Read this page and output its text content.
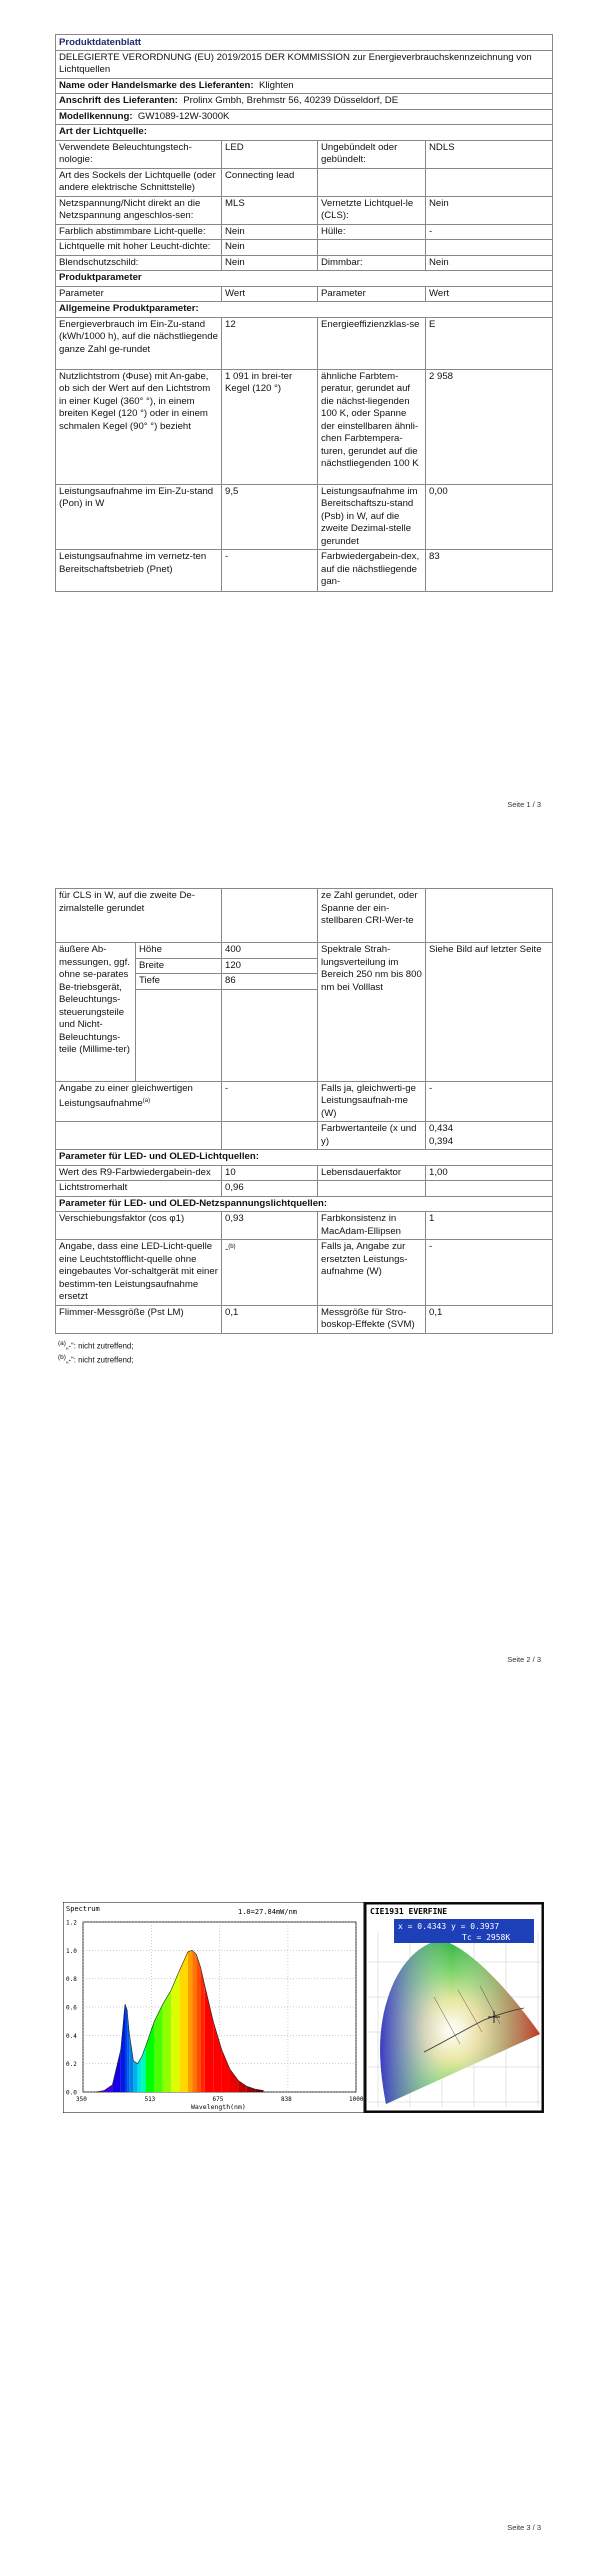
Produktdatenblatt			
DELEGIERTE VERORDNUNG (EU) 2019/2015 DER KOMMISSION zur Energieverbrauchskennzeichnung von Lichtquellen			
Name oder Handelsmarke des Lieferanten: Klighten			
Anschrift des Lieferanten: Prolinx Gmbh, Brehmstr 56, 40239 Düsseldorf, DE			
Modellkennung: GW1089-12W-3000K			
Art der Lichtquelle:			
Verwendete Beleuchtungstech-nologie:	LED	Ungebündelt oder gebündelt:	NDLS
Art des Sockels der Lichtquelle (oder andere elektrische Schnittstelle)	Connecting lead		
Netzspannung/Nicht direkt an die Netzspannung angeschlos-sen:	MLS	Vernetzte Lichtquel-le (CLS):	Nein
Farblich abstimmbare Licht-quelle:	Nein	Hülle:	-
Lichtquelle mit hoher Leucht-dichte:	Nein		
Blendschutzschild:	Nein	Dimmbar:	Nein
Produktparameter			
Parameter	Wert	Parameter	Wert
Allgemeine Produktparameter:			
Energieverbrauch im Ein-Zu-stand (kWh/1000 h), auf die nächstliegende ganze Zahl ge-rundet	12	Energieeffizienzklas-se	E
Nutzlichtstrom (Φuse) mit An-gabe, ob sich der Wert auf den Lichtstrom in einer Kugel (360° °), in einem breiten Kegel (120 °) oder in einem schmalen Kegel (90° °) bezieht	1 091 in brei-ter Kegel (120 °)	ähnliche Farbtem-peratur, gerundet auf die nächst-liegenden 100 K, oder Spanne der einstellbaren ähnli-chen Farbtempera-turen, gerundet auf die nächstliegenden 100 K	2 958
Leistungsaufnahme im Ein-Zu-stand (Pon) in W	9,5	Leistungsaufnahme im Bereitschaftszu-stand (Psb) in W, auf die zweite Dezimal-stelle gerundet	0,00
Leistungsaufnahme im vernetz-ten Bereitschaftsbetrieb (Pnet)	-	Farbwiedergabein-dex, auf die nächstliegende gan-	83
Seite 1 / 3
für CLS in W, auf die zweite De-zimalstelle gerundet			ze Zahl gerundet, oder Spanne der ein-stellbaren CRI-Wer-te	
äußere Ab-messungen, ggf. ohne se-parates Be-triebsgerät, Beleuchtungs-steuerungsteile und Nicht-Beleuchtungs-teile (Millime-ter)	Höhe	400	Spektrale Strah-lungsverteilung im Bereich 250 nm bis 800 nm bei Volllast	Siehe Bild auf letzter Seite
	Breite	120		
	Tiefe	86		

Angabe zu einer gleichwertigen Leistungsaufnahme$^{(a)}$		-	Falls ja, gleichwerti-ge Leistungsaufnah-me (W)	-
			Farbwertanteile (x und y)	0,434
0,394

Parameter für LED- und OLED-Lichtquellen:				
Wert des R9-Farbwiedergabein-dex		10	Lebensdauerfaktor	1,00
Lichtstromerhalt		0,96		
Parameter für LED- und OLED-Netzspannungslichtquellen:				
Verschiebungsfaktor (cos φ1)		0,93	Farbkonsistenz in MacAdam-Ellipsen	1
Angabe, dass eine LED-Licht-quelle eine Leuchtstofflicht-quelle ohne eingebautes Vor-schaltgerät mit einer bestimm-ten Leistungsaufnahme ersetzt		-$^{(b)}$	Falls ja, Angabe zur ersetzten Leistungs-aufnahme (W)	-
Flimmer-Messgröße (Pst LM)		0,1	Messgröße für Stro-boskop-Effekte (SVM)	0,1
$^{(a)}$„-“: nicht zutreffend;
$^{(b)}$„-“: nicht zutreffend;
Seite 2 / 3
Spectrum	1.0=27.84mW/nm
Wavelength(nm)
0.0
0.2
0.4
0.6
0.8
1.0
1.2
350	513	675	838	1000
CIE1931 EVERFINE
x = 0.4343 y = 0.3937
Tc = 2958K
Seite 3 / 3
